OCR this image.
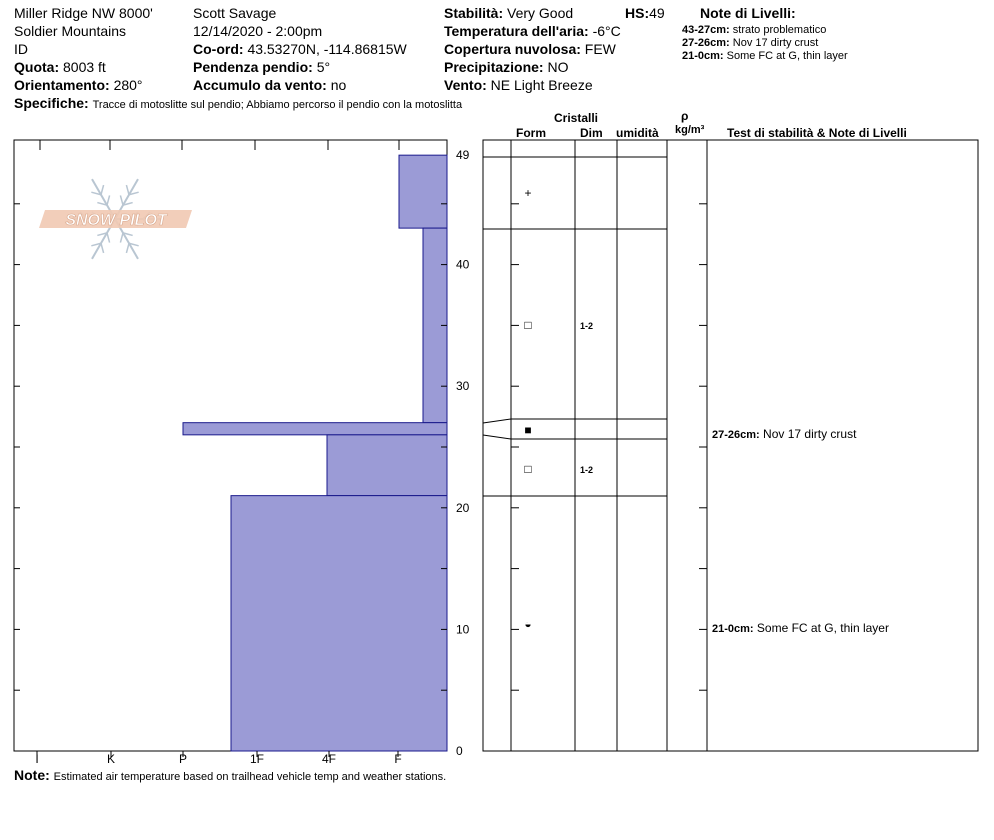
Miller Ridge NW 8000'
Soldier Mountains
ID
Quota: 8003 ft
Orientamento: 280°
Scott Savage
12/14/2020 - 2:00pm
Co-ord: 43.53270N, -114.86815W
Pendenza pendio: 5°
Accumulo da vento: no
Stabilità: Very Good	HS:49
Temperatura dell'aria: -6°C
Copertura nuvolosa: FEW
Precipitazione: NO
Vento: NE Light Breeze
Note di Livelli:
43-27cm: strato problematico
27-26cm: Nov 17 dirty crust
21-0cm: Some FC at G, thin layer
Specifiche: Tracce di motoslitte sul pendio; Abbiamo percorso il pendio con la motoslitta
Cristalli
Form	Dim umidità
ρ
kg/m³ Test di stabilità & Note di Livelli
Note: Estimated air temperature based on trailhead vehicle temp and weather stations.
SNOW PILOT
0
10
20
30
40
49
I	K	P	1F	4F	F
+
□	1-2
■
□	1-2
◒
27-26cm: Nov 17 dirty crust
21-0cm: Some FC at G, thin layer
